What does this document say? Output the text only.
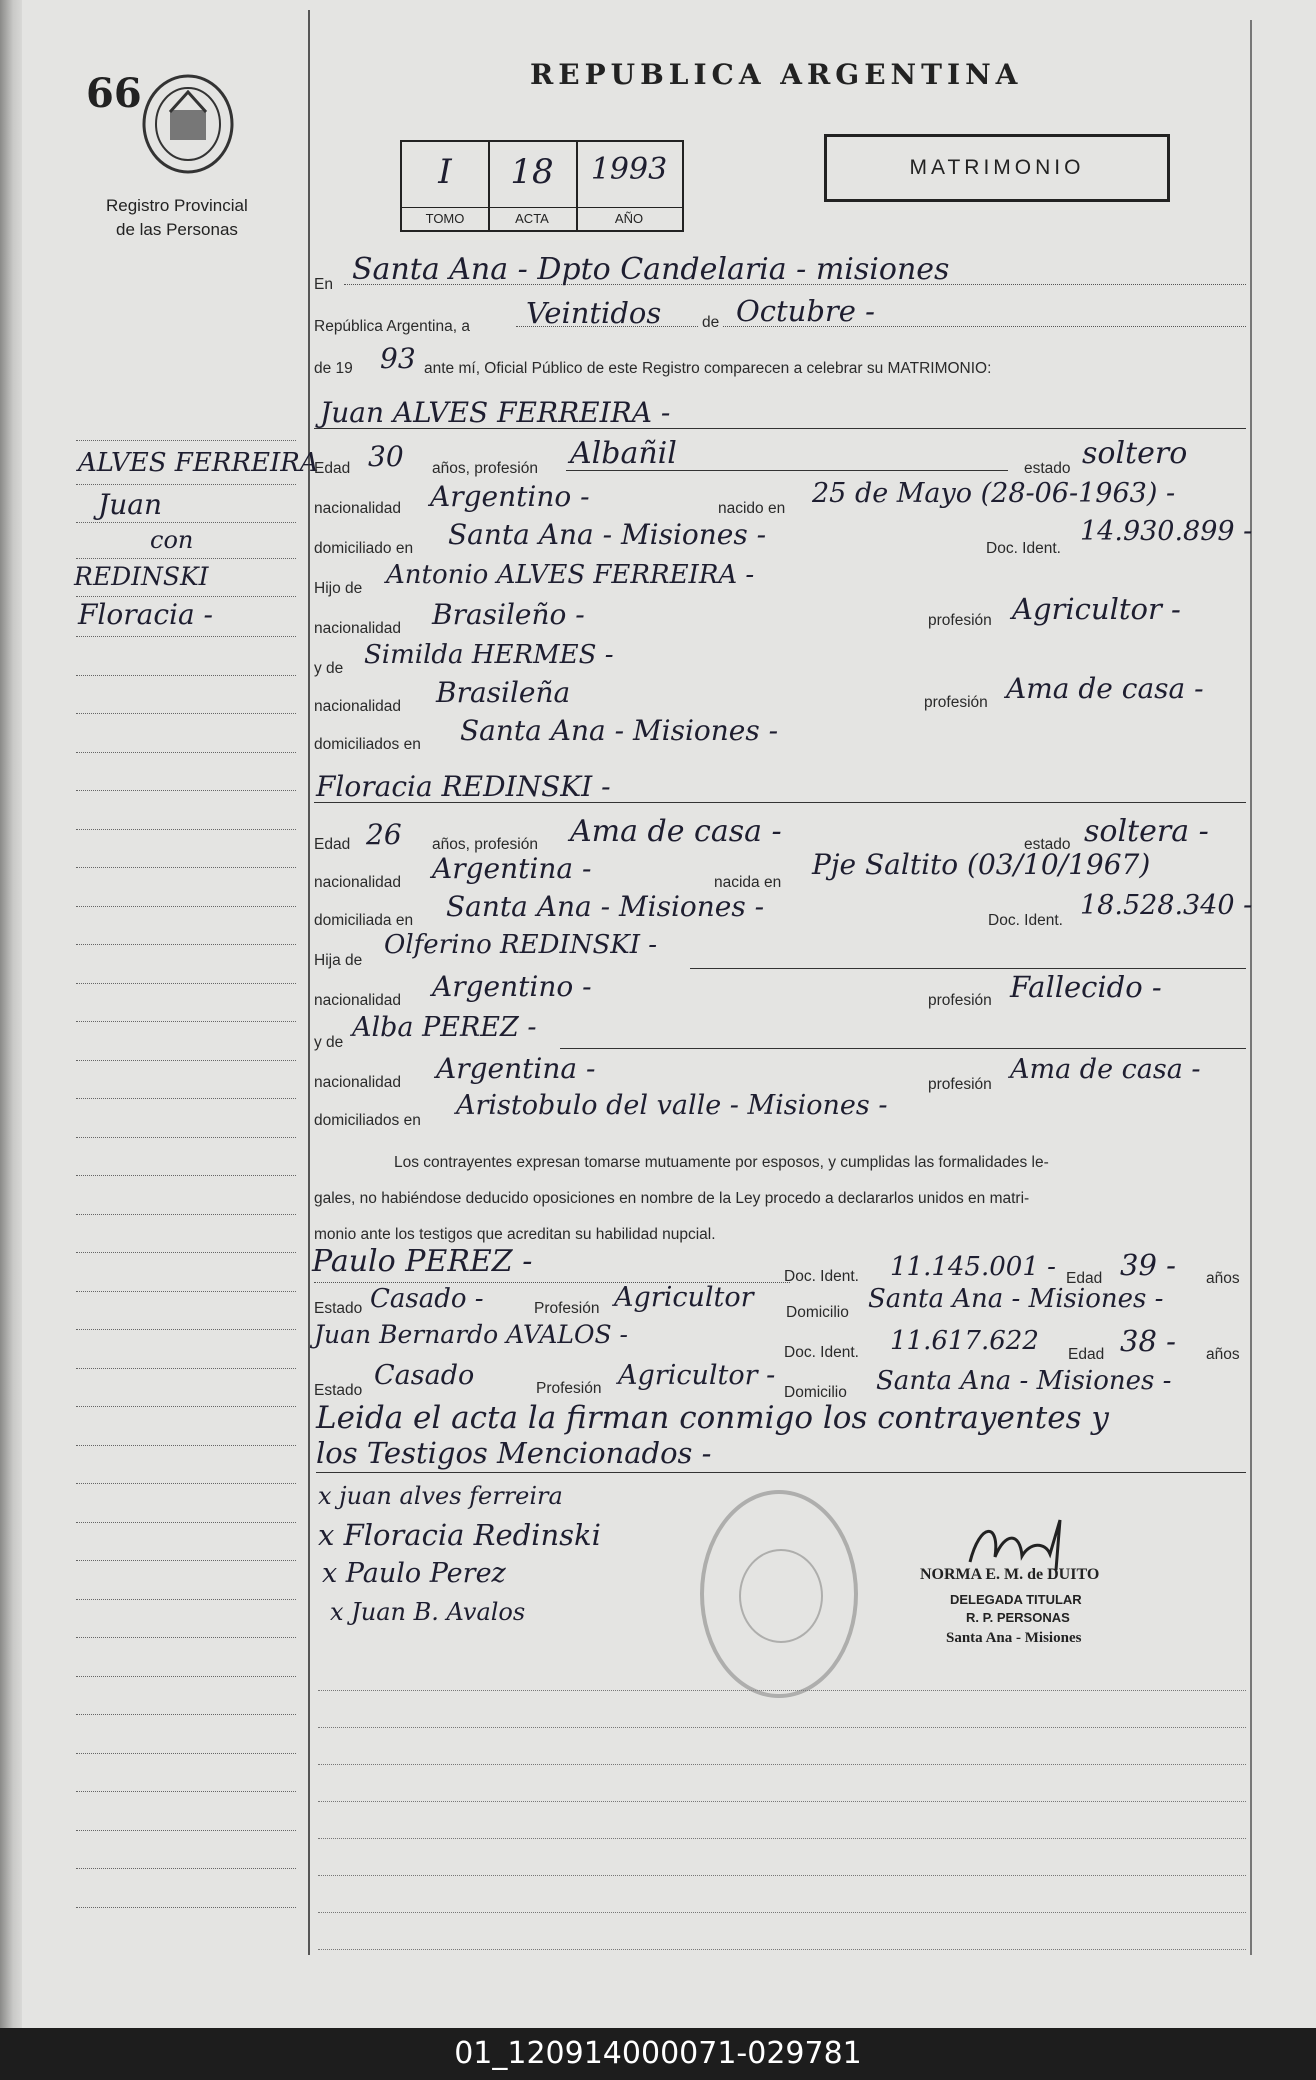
66
Registro Provincial
de las Personas
REPUBLICA ARGENTINA
I
TOMO
18
ACTA
1993
AÑO
MATRIMONIO
ALVES FERREIRA
Juan
con
REDINSKI
Floracia -
En Santa Ana - Dpto Candelaria - misiones
República Argentina, a Veintidos	de Octubre -
de 19 93 ante mí, Oficial Público de este Registro comparecen a celebrar su MATRIMONIO:
Juan ALVES FERREIRA -
Edad 30 años, profesión Albañil	estado soltero
nacionalidad Argentino -	nacido en 25 de Mayo (28-06-1963) -
domiciliado en Santa Ana - Misiones -	Doc. Ident.
14.930.899 -
Hijo de Antonio ALVES FERREIRA -
nacionalidad Brasileño -	profesión Agricultor -
y de Similda HERMES -
nacionalidad Brasileña	profesión Ama de casa -
domiciliados en Santa Ana - Misiones -
Floracia REDINSKI -
Edad 26 años, profesión Ama de casa -	estado soltera -
nacionalidad Argentina -	nacida en
Pje Saltito (03/10/1967)
domiciliada en Santa Ana - Misiones -	Doc. Ident. 18.528.340 -
Hija de
Olferino REDINSKI -
nacionalidad Argentino -	profesión Fallecido -
y de Alba PEREZ -
nacionalidad Argentina -	profesión Ama de casa -
domiciliados en Aristobulo del valle - Misiones -
Los contrayentes expresan tomarse mutuamente por esposos, y cumplidas las formalidades le-
gales, no habiéndose deducido oposiciones en nombre de la Ley procedo a declararlos unidos en matri-
monio ante los testigos que acreditan su habilidad nupcial.
Paulo PEREZ -	Doc. Ident. 11.145.001 - Edad 39 - años
Estado Casado -	Profesión Agricultor Domicilio Santa Ana - Misiones -
Juan Bernardo AVALOS -
Doc. Ident. 11.617.622 Edad 38 - años
Estado Casado	Profesión Agricultor -
Domicilio Santa Ana - Misiones -
Leida el acta la firman conmigo los contrayentes y
los Testigos Mencionados -
x juan alves ferreira
x Floracia Redinski
x Paulo Perez
x Juan B. Avalos
NORMA E. M. de DUITO
DELEGADA TITULAR
R. P. PERSONAS
Santa Ana - Misiones
01_120914000071-029781
